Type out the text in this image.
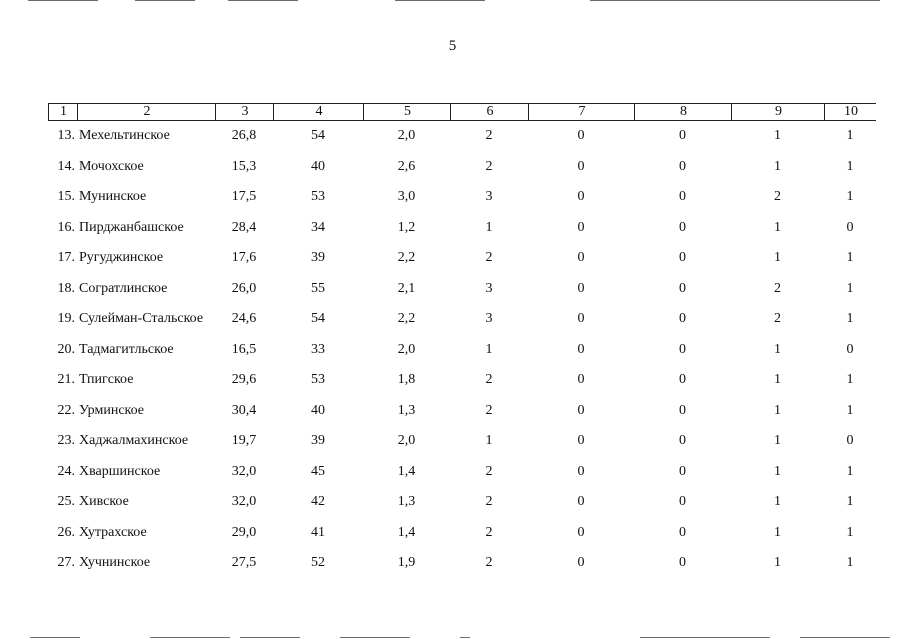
5
1	2	3	4	5	6	7	8	9	10
13. Мехельтинское	26,8	54	2,0	2	0	0	1	1
14. Мочохское	15,3	40	2,6	2	0	0	1	1
15. Мунинское	17,5	53	3,0	3	0	0	2	1
16. Пирджанбашское	28,4	34	1,2	1	0	0	1	0
17. Ругуджинское	17,6	39	2,2	2	0	0	1	1
18. Согратлинское	26,0	55	2,1	3	0	0	2	1
19. Сулейман-Стальское	24,6	54	2,2	3	0	0	2	1
20. Тадмагитльское	16,5	33	2,0	1	0	0	1	0
21. Тпигское	29,6	53	1,8	2	0	0	1	1
22. Урминское	30,4	40	1,3	2	0	0	1	1
23. Хаджалмахинское	19,7	39	2,0	1	0	0	1	0
24. Хваршинское	32,0	45	1,4	2	0	0	1	1
25. Хивское	32,0	42	1,3	2	0	0	1	1
26. Хутрахское	29,0	41	1,4	2	0	0	1	1
27. Хучнинское	27,5	52	1,9	2	0	0	1	1
